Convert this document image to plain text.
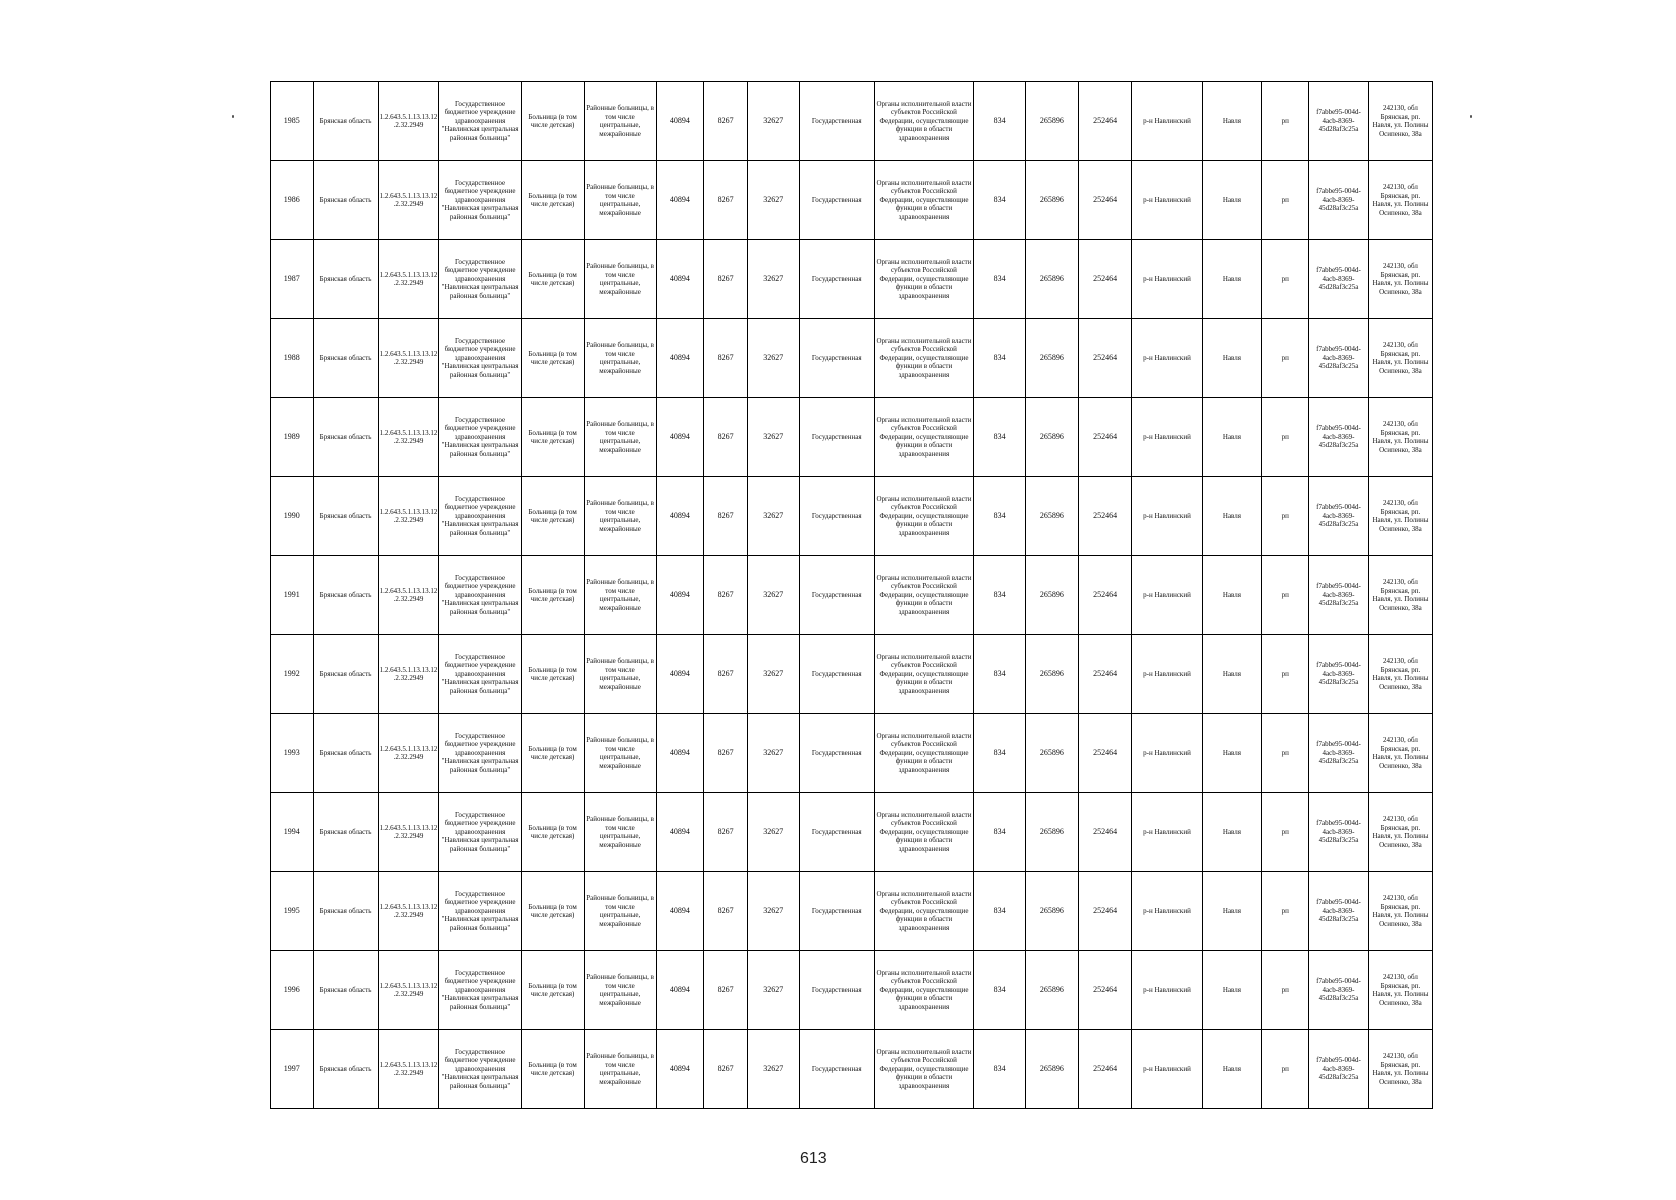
1985	Брянская область	1.2.643.5.1.13.13.12.2.32.2949	Государственное бюджетное учреждение здравоохранения "Навлинская центральная районная больница"	Больница (в том числе детская)	Районные больницы, в том числе центральные, межрайонные	40894	8267	32627	Государственная	Органы исполнительной власти субъектов Российской Федерации, осуществляющие функции в области здравоохранения	834	265896	252464	р-н Навлинский	Навля	рп	f7abbe95-004d-4acb-8369-45d28af3c25a	242130, обл Брянская, рп. Навля, ул. Полины Осипенко, 38а
1986	Брянская область	1.2.643.5.1.13.13.12.2.32.2949	Государственное бюджетное учреждение здравоохранения "Навлинская центральная районная больница"	Больница (в том числе детская)	Районные больницы, в том числе центральные, межрайонные	40894	8267	32627	Государственная	Органы исполнительной власти субъектов Российской Федерации, осуществляющие функции в области здравоохранения	834	265896	252464	р-н Навлинский	Навля	рп	f7abbe95-004d-4acb-8369-45d28af3c25a	242130, обл Брянская, рп. Навля, ул. Полины Осипенко, 38а
1987	Брянская область	1.2.643.5.1.13.13.12.2.32.2949	Государственное бюджетное учреждение здравоохранения "Навлинская центральная районная больница"	Больница (в том числе детская)	Районные больницы, в том числе центральные, межрайонные	40894	8267	32627	Государственная	Органы исполнительной власти субъектов Российской Федерации, осуществляющие функции в области здравоохранения	834	265896	252464	р-н Навлинский	Навля	рп	f7abbe95-004d-4acb-8369-45d28af3c25a	242130, обл Брянская, рп. Навля, ул. Полины Осипенко, 38а
1988	Брянская область	1.2.643.5.1.13.13.12.2.32.2949	Государственное бюджетное учреждение здравоохранения "Навлинская центральная районная больница"	Больница (в том числе детская)	Районные больницы, в том числе центральные, межрайонные	40894	8267	32627	Государственная	Органы исполнительной власти субъектов Российской Федерации, осуществляющие функции в области здравоохранения	834	265896	252464	р-н Навлинский	Навля	рп	f7abbe95-004d-4acb-8369-45d28af3c25a	242130, обл Брянская, рп. Навля, ул. Полины Осипенко, 38а
1989	Брянская область	1.2.643.5.1.13.13.12.2.32.2949	Государственное бюджетное учреждение здравоохранения "Навлинская центральная районная больница"	Больница (в том числе детская)	Районные больницы, в том числе центральные, межрайонные	40894	8267	32627	Государственная	Органы исполнительной власти субъектов Российской Федерации, осуществляющие функции в области здравоохранения	834	265896	252464	р-н Навлинский	Навля	рп	f7abbe95-004d-4acb-8369-45d28af3c25a	242130, обл Брянская, рп. Навля, ул. Полины Осипенко, 38а
1990	Брянская область	1.2.643.5.1.13.13.12.2.32.2949	Государственное бюджетное учреждение здравоохранения "Навлинская центральная районная больница"	Больница (в том числе детская)	Районные больницы, в том числе центральные, межрайонные	40894	8267	32627	Государственная	Органы исполнительной власти субъектов Российской Федерации, осуществляющие функции в области здравоохранения	834	265896	252464	р-н Навлинский	Навля	рп	f7abbe95-004d-4acb-8369-45d28af3c25a	242130, обл Брянская, рп. Навля, ул. Полины Осипенко, 38а
1991	Брянская область	1.2.643.5.1.13.13.12.2.32.2949	Государственное бюджетное учреждение здравоохранения "Навлинская центральная районная больница"	Больница (в том числе детская)	Районные больницы, в том числе центральные, межрайонные	40894	8267	32627	Государственная	Органы исполнительной власти субъектов Российской Федерации, осуществляющие функции в области здравоохранения	834	265896	252464	р-н Навлинский	Навля	рп	f7abbe95-004d-4acb-8369-45d28af3c25a	242130, обл Брянская, рп. Навля, ул. Полины Осипенко, 38а
1992	Брянская область	1.2.643.5.1.13.13.12.2.32.2949	Государственное бюджетное учреждение здравоохранения "Навлинская центральная районная больница"	Больница (в том числе детская)	Районные больницы, в том числе центральные, межрайонные	40894	8267	32627	Государственная	Органы исполнительной власти субъектов Российской Федерации, осуществляющие функции в области здравоохранения	834	265896	252464	р-н Навлинский	Навля	рп	f7abbe95-004d-4acb-8369-45d28af3c25a	242130, обл Брянская, рп. Навля, ул. Полины Осипенко, 38а
1993	Брянская область	1.2.643.5.1.13.13.12.2.32.2949	Государственное бюджетное учреждение здравоохранения "Навлинская центральная районная больница"	Больница (в том числе детская)	Районные больницы, в том числе центральные, межрайонные	40894	8267	32627	Государственная	Органы исполнительной власти субъектов Российской Федерации, осуществляющие функции в области здравоохранения	834	265896	252464	р-н Навлинский	Навля	рп	f7abbe95-004d-4acb-8369-45d28af3c25a	242130, обл Брянская, рп. Навля, ул. Полины Осипенко, 38а
1994	Брянская область	1.2.643.5.1.13.13.12.2.32.2949	Государственное бюджетное учреждение здравоохранения "Навлинская центральная районная больница"	Больница (в том числе детская)	Районные больницы, в том числе центральные, межрайонные	40894	8267	32627	Государственная	Органы исполнительной власти субъектов Российской Федерации, осуществляющие функции в области здравоохранения	834	265896	252464	р-н Навлинский	Навля	рп	f7abbe95-004d-4acb-8369-45d28af3c25a	242130, обл Брянская, рп. Навля, ул. Полины Осипенко, 38а
1995	Брянская область	1.2.643.5.1.13.13.12.2.32.2949	Государственное бюджетное учреждение здравоохранения "Навлинская центральная районная больница"	Больница (в том числе детская)	Районные больницы, в том числе центральные, межрайонные	40894	8267	32627	Государственная	Органы исполнительной власти субъектов Российской Федерации, осуществляющие функции в области здравоохранения	834	265896	252464	р-н Навлинский	Навля	рп	f7abbe95-004d-4acb-8369-45d28af3c25a	242130, обл Брянская, рп. Навля, ул. Полины Осипенко, 38а
1996	Брянская область	1.2.643.5.1.13.13.12.2.32.2949	Государственное бюджетное учреждение здравоохранения "Навлинская центральная районная больница"	Больница (в том числе детская)	Районные больницы, в том числе центральные, межрайонные	40894	8267	32627	Государственная	Органы исполнительной власти субъектов Российской Федерации, осуществляющие функции в области здравоохранения	834	265896	252464	р-н Навлинский	Навля	рп	f7abbe95-004d-4acb-8369-45d28af3c25a	242130, обл Брянская, рп. Навля, ул. Полины Осипенко, 38а
1997	Брянская область	1.2.643.5.1.13.13.12.2.32.2949	Государственное бюджетное учреждение здравоохранения "Навлинская центральная районная больница"	Больница (в том числе детская)	Районные больницы, в том числе центральные, межрайонные	40894	8267	32627	Государственная	Органы исполнительной власти субъектов Российской Федерации, осуществляющие функции в области здравоохранения	834	265896	252464	р-н Навлинский	Навля	рп	f7abbe95-004d-4acb-8369-45d28af3c25a	242130, обл Брянская, рп. Навля, ул. Полины Осипенко, 38а
613
